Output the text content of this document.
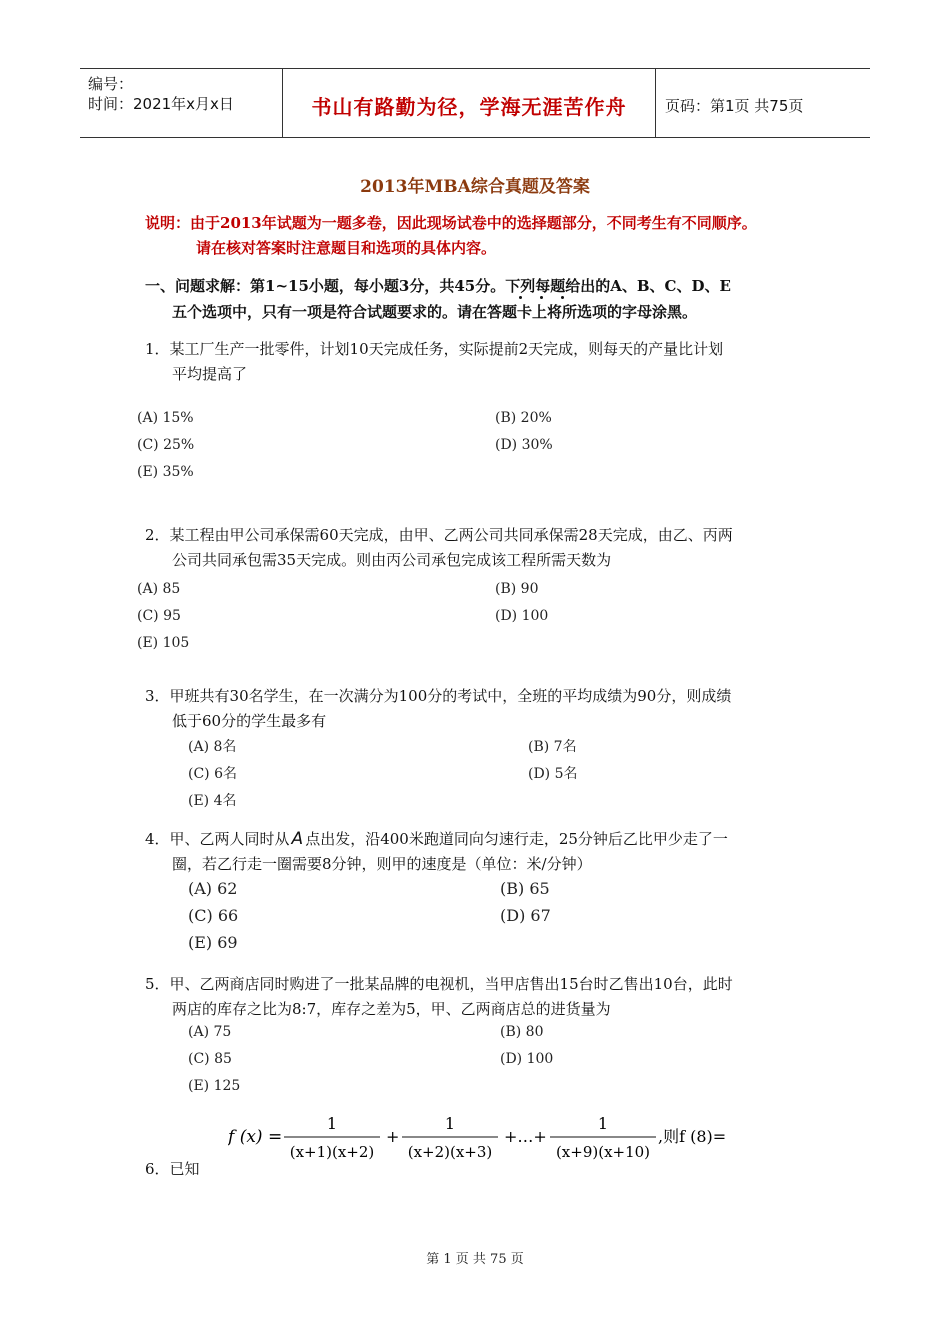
编号：
时间：2021年x月x日	书山有路勤为径，学海无涯苦作舟	页码：第1页 共75页
2013年MBA综合真题及答案
说明：由于2013年试题为一题多卷，因此现场试卷中的选择题部分，不同考生有不同顺序。
请在核对答案时注意题目和选项的具体内容。
一、问题求解：第1~15小题，每小题3分，共45分。下列每题给出的A、B、C、D、E
五个选项中，只有一项是符合试题要求的。请在答题卡上将所选项的字母涂黑。
1．某工厂生产一批零件，计划10天完成任务，实际提前2天完成，则每天的产量比计划
平均提高了
(A) 15%	(B) 20%
(C) 25%	(D) 30%
(E) 35%
2．某工程由甲公司承保需60天完成，由甲、乙两公司共同承保需28天完成，由乙、丙两
公司共同承包需35天完成。则由丙公司承包完成该工程所需天数为
(A) 85	(B) 90
(C) 95	(D) 100
(E) 105
3．甲班共有30名学生，在一次满分为100分的考试中，全班的平均成绩为90分，则成绩
低于60分的学生最多有
(A) 8名	(B) 7名
(C) 6名	(D) 5名
(E) 4名
4．甲、乙两人同时从 A 点出发，沿400米跑道同向匀速行走，25分钟后乙比甲少走了一
圈，若乙行走一圈需要8分钟，则甲的速度是（单位：米/分钟）
(A) 62	(B) 65
(C) 66	(D) 67
(E) 69
5．甲、乙两商店同时购进了一批某品牌的电视机，当甲店售出15台时乙售出10台，此时
两店的库存之比为8:7，库存之差为5，甲、乙两商店总的进货量为
(A) 75	(B) 80
(C) 85	(D) 100
(E) 125
f (x) =
1
(x+1)(x+2)
+
1
(x+2)(x+3)
+…+
1
(x+9)(x+10)
,则f (8)=
6．已知
第 1 页 共 75 页
